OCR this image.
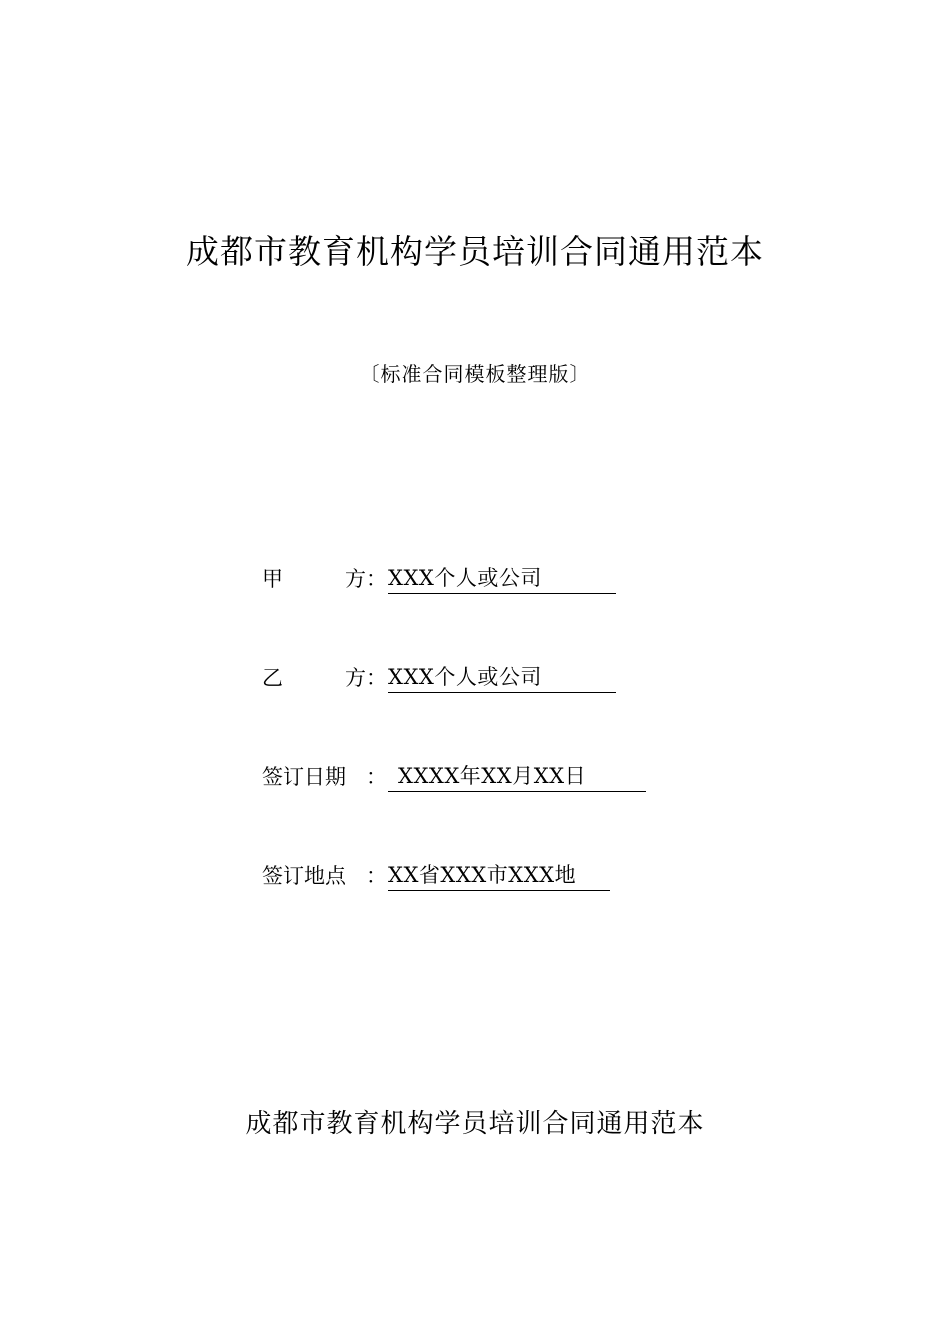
成都市教育机构学员培训合同通用范本
〔标准合同模板整理版〕
甲	方 ： XXX个人或公司
乙	方 ： XXX个人或公司
签订日期 ： XXXX年XX月XX日
签订地点 ： XX省XXX市XXX地
成都市教育机构学员培训合同通用范本
